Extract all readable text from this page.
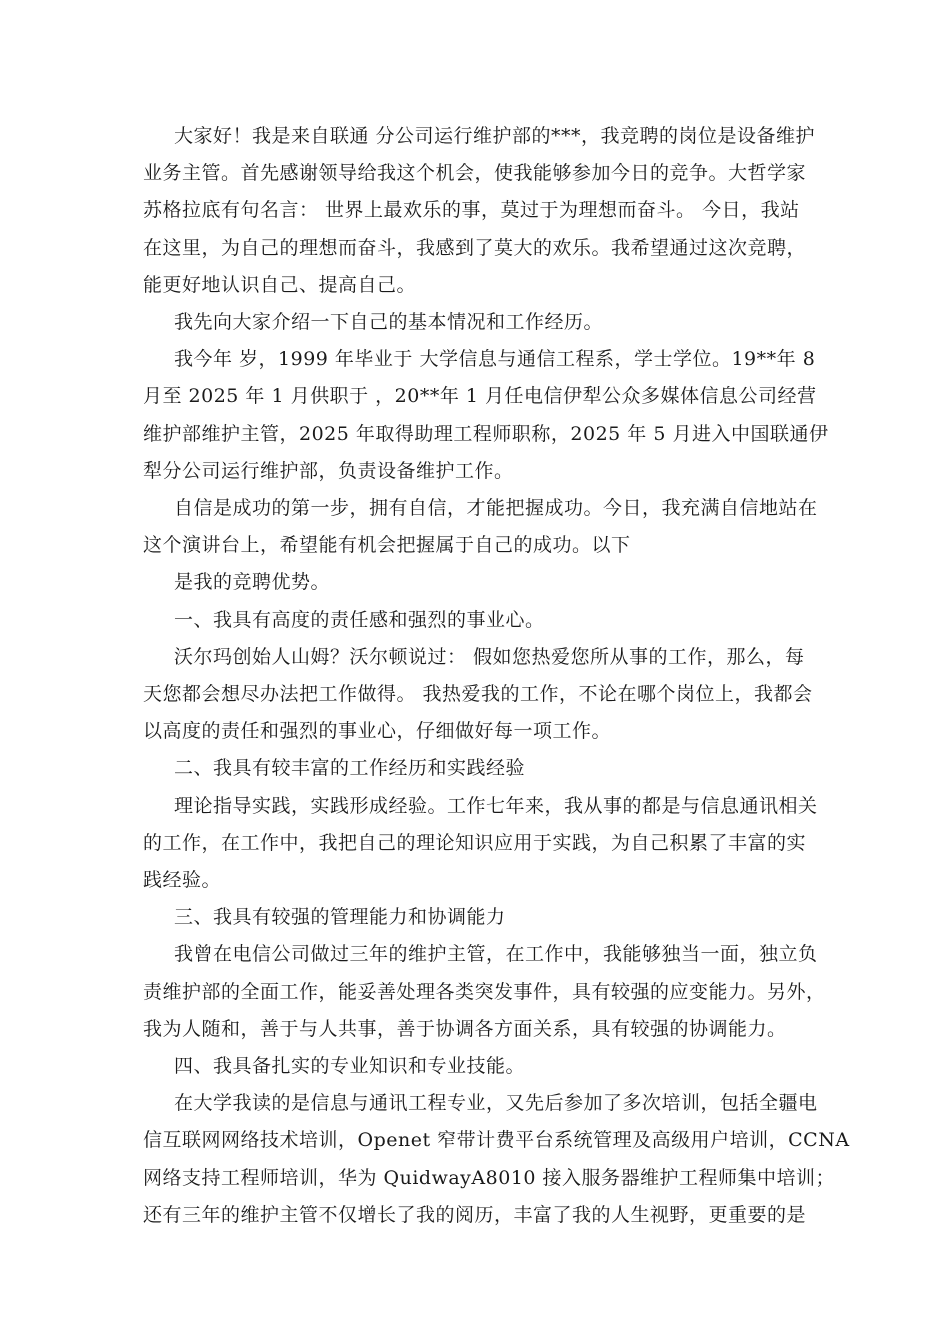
大家好！我是来自联通 分公司运行维护部的***，我竞聘的岗位是设备维护
业务主管。首先感谢领导给我这个机会，使我能够参加今日的竞争。大哲学家
苏格拉底有句名言： 世界上最欢乐的事，莫过于为理想而奋斗。 今日，我站
在这里，为自己的理想而奋斗，我感到了莫大的欢乐。我希望通过这次竞聘，
能更好地认识自己、提高自己。
我先向大家介绍一下自己的基本情况和工作经历。
我今年 岁，1999 年毕业于 大学信息与通信工程系，学士学位。19**年 8
月至 2025 年 1 月供职于 ，20**年 1 月任电信伊犁公众多媒体信息公司经营
维护部维护主管，2025 年取得助理工程师职称，2025 年 5 月进入中国联通伊
犁分公司运行维护部，负责设备维护工作。
自信是成功的第一步，拥有自信，才能把握成功。今日，我充满自信地站在
这个演讲台上，希望能有机会把握属于自己的成功。以下
是我的竞聘优势。
一、我具有高度的责任感和强烈的事业心。
沃尔玛创始人山姆？沃尔顿说过： 假如您热爱您所从事的工作，那么，每
天您都会想尽办法把工作做得。 我热爱我的工作，不论在哪个岗位上，我都会
以高度的责任和强烈的事业心，仔细做好每一项工作。
二、我具有较丰富的工作经历和实践经验
理论指导实践，实践形成经验。工作七年来，我从事的都是与信息通讯相关
的工作，在工作中，我把自己的理论知识应用于实践，为自己积累了丰富的实
践经验。
三、我具有较强的管理能力和协调能力
我曾在电信公司做过三年的维护主管，在工作中，我能够独当一面，独立负
责维护部的全面工作，能妥善处理各类突发事件，具有较强的应变能力。另外，
我为人随和，善于与人共事，善于协调各方面关系，具有较强的协调能力。
四、我具备扎实的专业知识和专业技能。
在大学我读的是信息与通讯工程专业，又先后参加了多次培训，包括全疆电
信互联网网络技术培训，Openet 窄带计费平台系统管理及高级用户培训，CCNA
网络支持工程师培训，华为 QuidwayA8010 接入服务器维护工程师集中培训；
还有三年的维护主管不仅增长了我的阅历，丰富了我的人生视野，更重要的是
